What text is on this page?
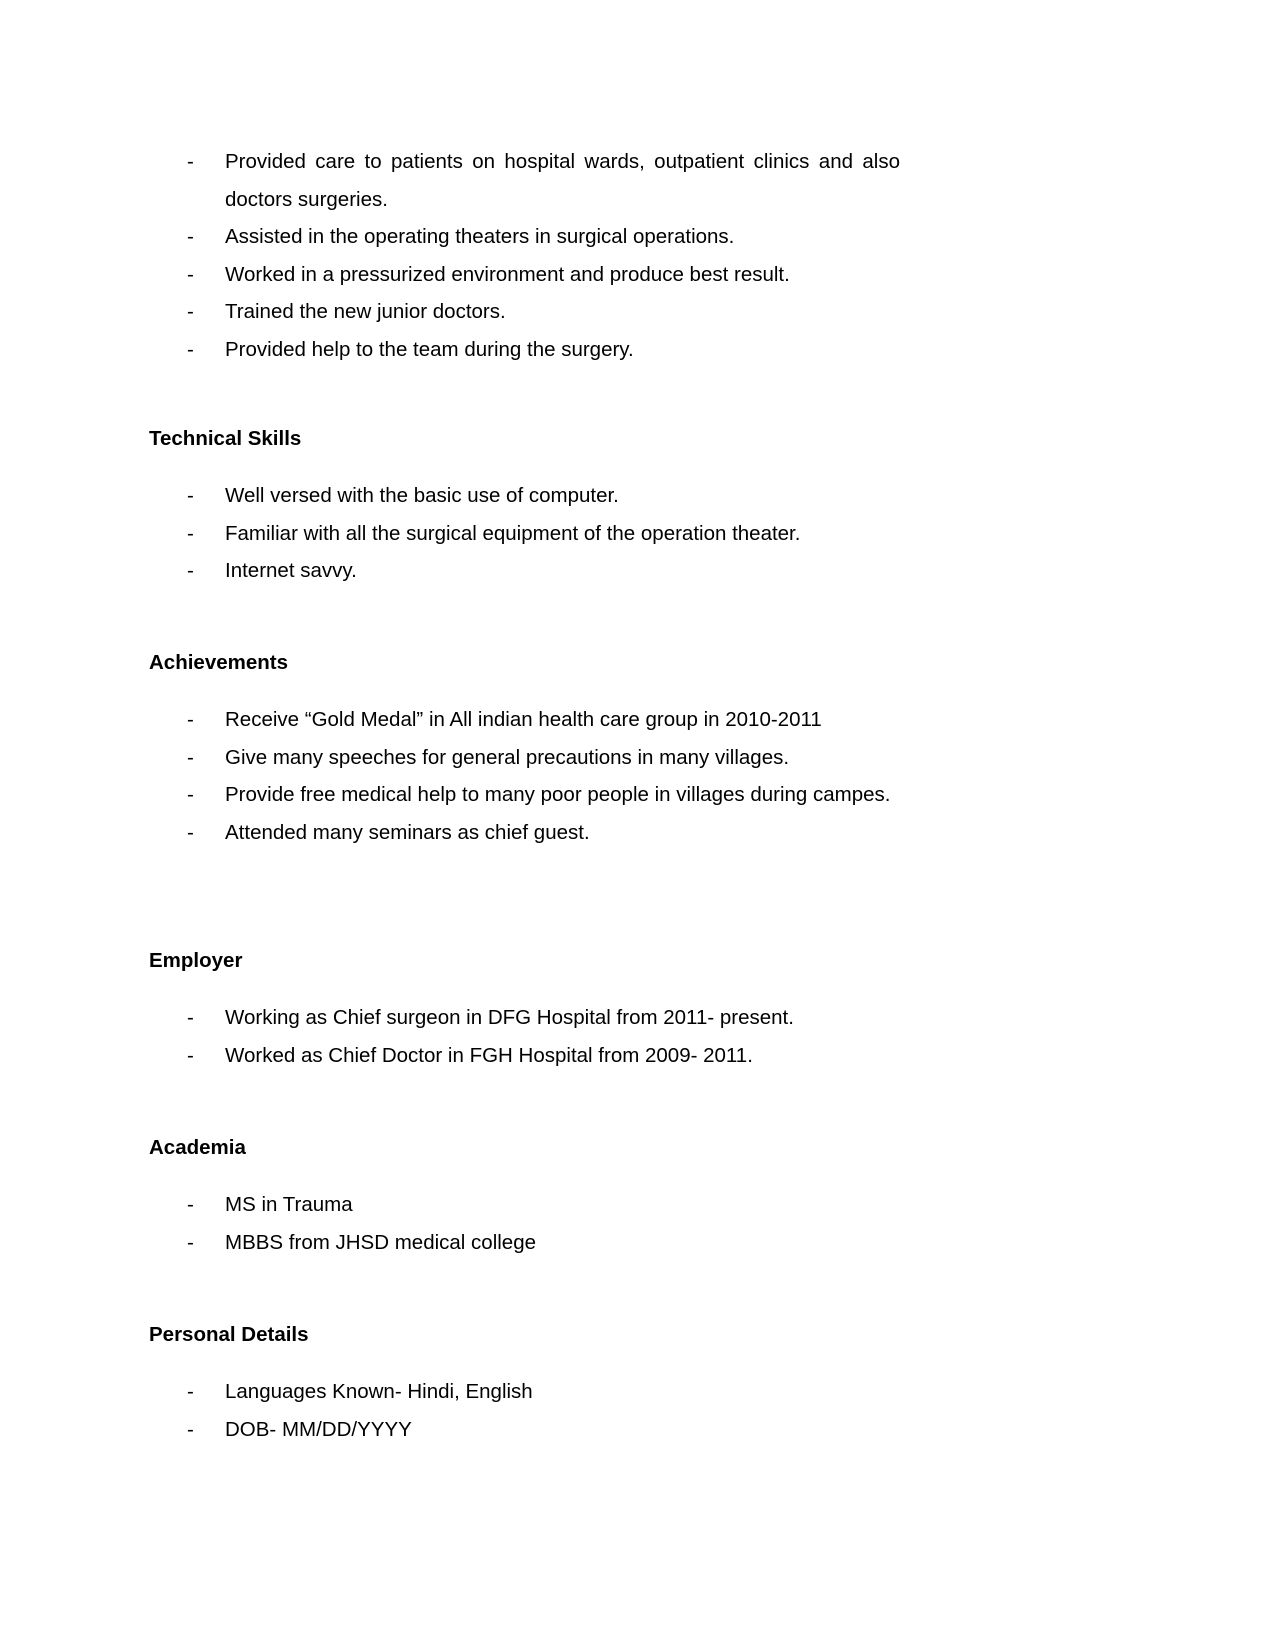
- Provided care to patients on hospital wards, outpatient clinics and also doctors surgeries.
- Assisted in the operating theaters in surgical operations.
- Worked in a pressurized environment and produce best result.
- Trained the new junior doctors.
- Provided help to the team during the surgery.
Technical Skills
- Well versed with the basic use of computer.
- Familiar with all the surgical equipment of the operation theater.
- Internet savvy.
Achievements
- Receive “Gold Medal” in All indian health care group in 2010-2011
- Give many speeches for general precautions in many villages.
- Provide free medical help to many poor people in villages during campes.
- Attended many seminars as chief guest.
Employer
- Working as Chief surgeon in DFG Hospital from 2011- present.
- Worked as Chief Doctor in FGH Hospital from 2009- 2011.
Academia
- MS in Trauma
- MBBS from JHSD medical college
Personal Details
- Languages Known- Hindi, English
- DOB- MM/DD/YYYY
